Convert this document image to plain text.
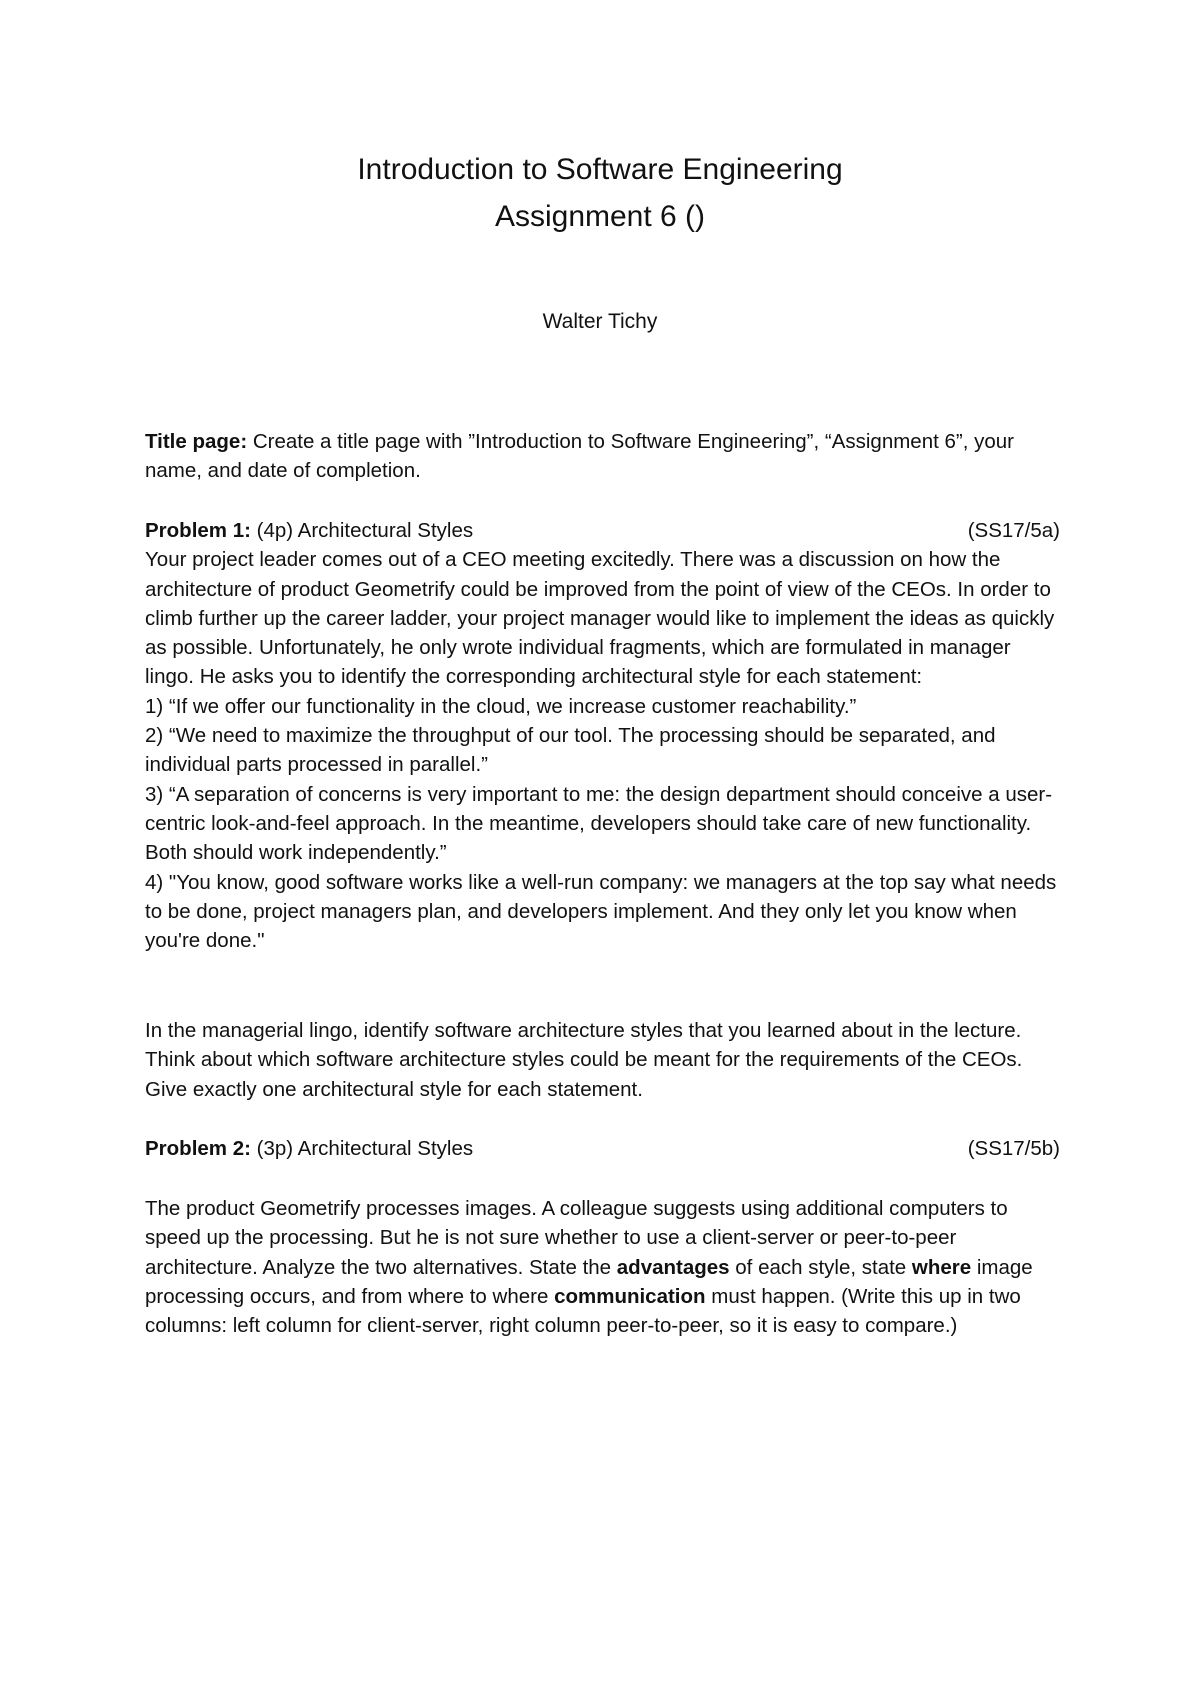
Introduction to Software Engineering
Assignment 6 ()
Walter Tichy

Title page: Create a title page with ”Introduction to Software Engineering”, “Assignment 6”, your name, and date of completion.

Problem 1: (4p) Architectural Styles	(SS17/5a)

Your project leader comes out of a CEO meeting excitedly. There was a discussion on how the architecture of product Geometrify could be improved from the point of view of the CEOs. In order to climb further up the career ladder, your project manager would like to implement the ideas as quickly as possible. Unfortunately, he only wrote individual fragments, which are formulated in manager lingo. He asks you to identify the corresponding architectural style for each statement:

1) “If we offer our functionality in the cloud, we increase customer reachability.”

2) “We need to maximize the throughput of our tool. The processing should be separated, and individual parts processed in parallel.”

3) “A separation of concerns is very important to me: the design department should conceive a user-centric look-and-feel approach. In the meantime, developers should take care of new functionality. Both should work independently.”

4) "You know, good software works like a well-run company: we managers at the top say what needs to be done, project managers plan, and developers implement. And they only let you know when you're done."

In the managerial lingo, identify software architecture styles that you learned about in the lecture. Think about which software architecture styles could be meant for the requirements of the CEOs. Give exactly one architectural style for each statement.

Problem 2: (3p) Architectural Styles	(SS17/5b)

The product Geometrify processes images. A colleague suggests using additional computers to speed up the processing. But he is not sure whether to use a client-server or peer-to-peer architecture. Analyze the two alternatives. State the advantages of each style, state where image processing occurs, and from where to where communication must happen. (Write this up in two columns: left column for client-server, right column peer-to-peer, so it is easy to compare.)
